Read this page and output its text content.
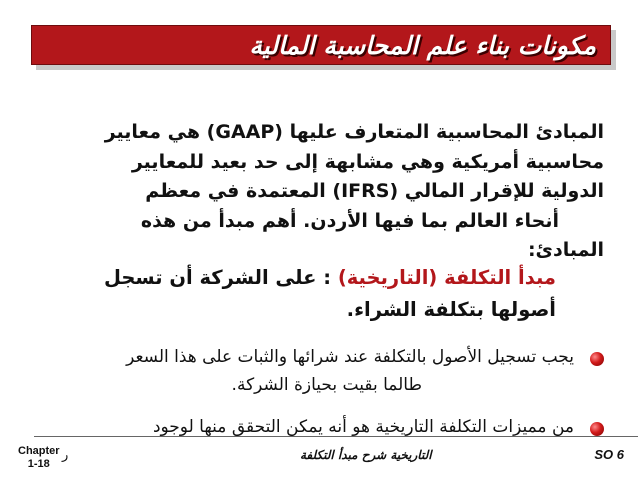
مكونات بناء علم المحاسبة المالية
المبادئ المحاسبية المتعارف عليها (GAAP) هي معايير
محاسبية أمريكية وهي مشابهة إلى حد بعيد للمعايير
الدولية للإقرار المالي (IFRS) المعتمدة في معظم
أنحاء العالم بما فيها الأردن. أهم مبدأ من هذه
المبادئ:
مبدأ التكلفة (التاريخية) : على الشركة أن تسجل
أصولها بتكلفة الشراء.
يجب تسجيل الأصول بالتكلفة عند شرائها والثبات على هذا السعر
طالما بقيت بحيازة الشركة.
من مميزات التكلفة التاريخية هو أنه يمكن التحقق منها لوجود
Chapter
1-18
ر	التاريخية شرح مبدأ التكلفة	SO 6
